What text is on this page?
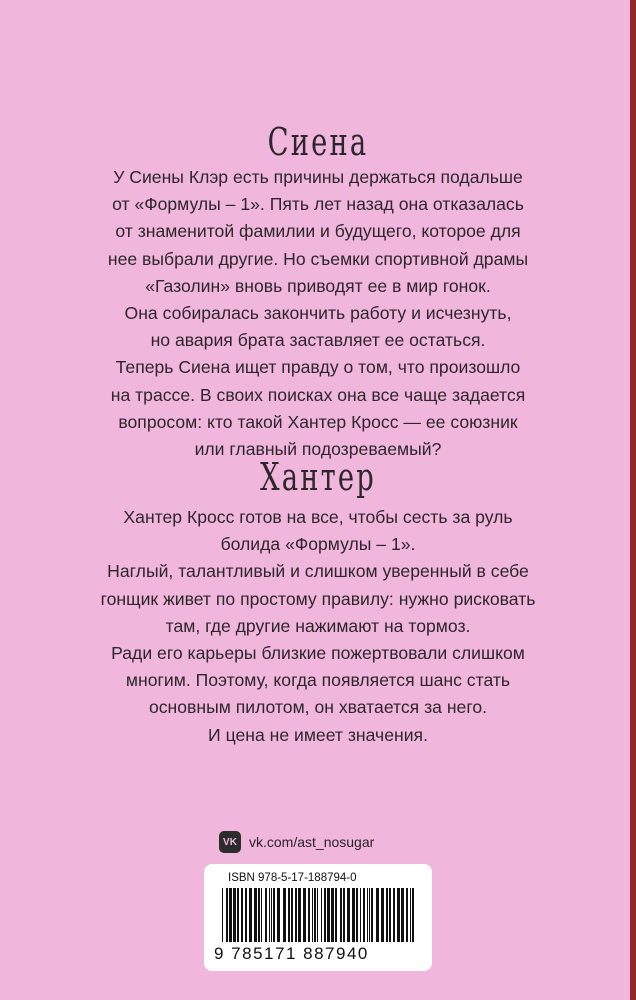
Сиена
У Сиены Клэр есть причины держаться подальше
от «Формулы – 1». Пять лет назад она отказалась
от знаменитой фамилии и будущего, которое для
нее выбрали другие. Но съемки спортивной драмы
«Газолин» вновь приводят ее в мир гонок.
Она собиралась закончить работу и исчезнуть,
но авария брата заставляет ее остаться.
Теперь Сиена ищет правду о том, что произошло
на трассе. В своих поисках она все чаще задается
вопросом: кто такой Хантер Кросс — ее союзник
или главный подозреваемый?
Хантер
Хантер Кросс готов на все, чтобы сесть за руль
болида «Формулы – 1».
Наглый, талантливый и слишком уверенный в себе
гонщик живет по простому правилу: нужно рисковать
там, где другие нажимают на тормоз.
Ради его карьеры близкие пожертвовали слишком
многим. Поэтому, когда появляется шанс стать
основным пилотом, он хватается за него.
И цена не имеет значения.
VK vk.com/ast_nosugar
ISBN 978-5-17-188794-0
9 785171 887940
